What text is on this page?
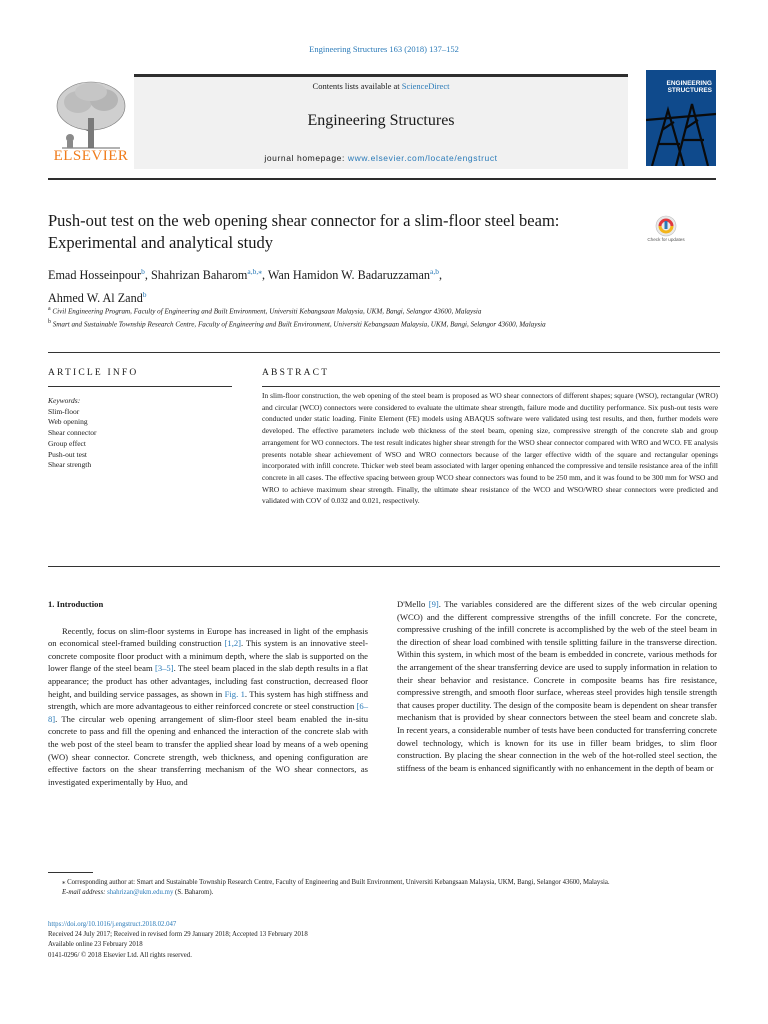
Engineering Structures 163 (2018) 137–152
ELSEVIER
Contents lists available at ScienceDirect
Engineering Structures
journal homepage: www.elsevier.com/locate/engstruct
ENGINEERING
STRUCTURES
Push-out test on the web opening shear connector for a slim-floor steel beam: Experimental and analytical study	Check for updates
Emad Hosseinpour$^b$, Shahrizan Baharom$^{a,b,⁎}$, Wan Hamidon W. Badaruzzaman$^{a,b}$,
Ahmed W. Al Zand$^b$
$^a$ Civil Engineering Program, Faculty of Engineering and Built Environment, Universiti Kebangsaan Malaysia, UKM, Bangi, Selangor 43600, Malaysia
$^b$ Smart and Sustainable Township Research Centre, Faculty of Engineering and Built Environment, Universiti Kebangsaan Malaysia, UKM, Bangi, Selangor 43600, Malaysia
ARTICLE INFO	ABSTRACT
Keywords:
Slim-floor
Web opening
Shear connector
Group effect
Push-out test
Shear strength
In slim-floor construction, the web opening of the steel beam is proposed as WO shear connectors of different shapes; square (WSO), rectangular (WRO) and circular (WCO) connectors were considered to evaluate the ultimate shear strength, failure mode and ductility performance. Six push-out tests were conducted under static loading. Finite Element (FE) models using ABAQUS software were validated using test results, and then, further models were developed. The effective parameters include web thickness of the steel beam, opening size, compressive strength of the concrete slab and group arrangement for WO connectors. The test result indicates higher shear strength for the WSO shear connector compared with WRO and WCO. FE analysis presents notable shear achievement of WSO and WRO connectors because of the larger effective width of the square and rectangular openings incorporated with infill concrete. Thicker web steel beam associated with larger opening enhanced the compressive and tensile resistance area of the infill concrete in all cases. The effective spacing between group WCO shear connectors was found to be 250 mm, and it was found to be 300 mm for WSO and WRO to achieve maximum shear strength. Finally, the ultimate shear resistance of the WCO and WSO/WRO shear connectors were predicted and validated with COV of 0.032 and 0.021, respectively.
1. Introduction

Recently, focus on slim-floor systems in Europe has increased in light of the emphasis on economical steel-framed building construction [1,2]. This system is an innovative steel-concrete composite floor product with a minimum depth, where the slab is supported on the lower flange of the steel beam [3–5]. The steel beam placed in the slab depth results in a flat appearance; the product has other advantages, including fast construction, decreased floor height, and building service passages, as shown in Fig. 1. This system has high stiffness and strength, which are more advantageous to either reinforced concrete or steel construction [6–8]. The circular web opening arrangement of slim-floor steel beam enabled the in-situ concrete to pass and fill the opening and enhanced the interaction of the concrete slab with the web post of the steel beam to transfer the applied shear load by means of a web opening (WO) shear connector. Concrete strength, web thickness, and opening configuration are effective factors on the shear transferring mechanism of the WO shear connectors, as investigated experimentally by Huo, and

D'Mello [9]. The variables considered are the different sizes of the web circular opening (WCO) and the different compressive strengths of the infill concrete. For the concrete, compressive crushing of the infill concrete is accomplished by the web of the steel beam in the direction of shear load combined with tensile splitting failure in the transverse direction. Within this system, in which most of the beam is embedded in concrete, various methods for the arrangement of the shear transferring device are used to supply information in relation to their shear behavior and resistance. Concrete in composite beams has fire resistance, compressive strength, and smooth floor surface, whereas steel provides high tensile strength that causes proper ductility. The design of the composite beam is dependent on shear transfer mechanism that is provided by shear connectors between the steel beam and concrete slab. In recent years, a considerable number of tests have been conducted for transferring concrete dowel technology, which is known for its use in filler beam bridges, to slim floor construction. By placing the shear connection in the web of the hot-rolled steel section, the stiffness of the beam is enhanced significantly with no enhancement in the depth of beam or

⁎ Corresponding author at: Smart and Sustainable Township Research Centre, Faculty of Engineering and Built Environment, Universiti Kebangsaan Malaysia, UKM, Bangi, Selangor 43600, Malaysia.
E-mail address: shahrizan@ukm.edu.my (S. Baharom).
https://doi.org/10.1016/j.engstruct.2018.02.047
Received 24 July 2017; Received in revised form 29 January 2018; Accepted 13 February 2018
Available online 23 February 2018
0141-0296/ © 2018 Elsevier Ltd. All rights reserved.
